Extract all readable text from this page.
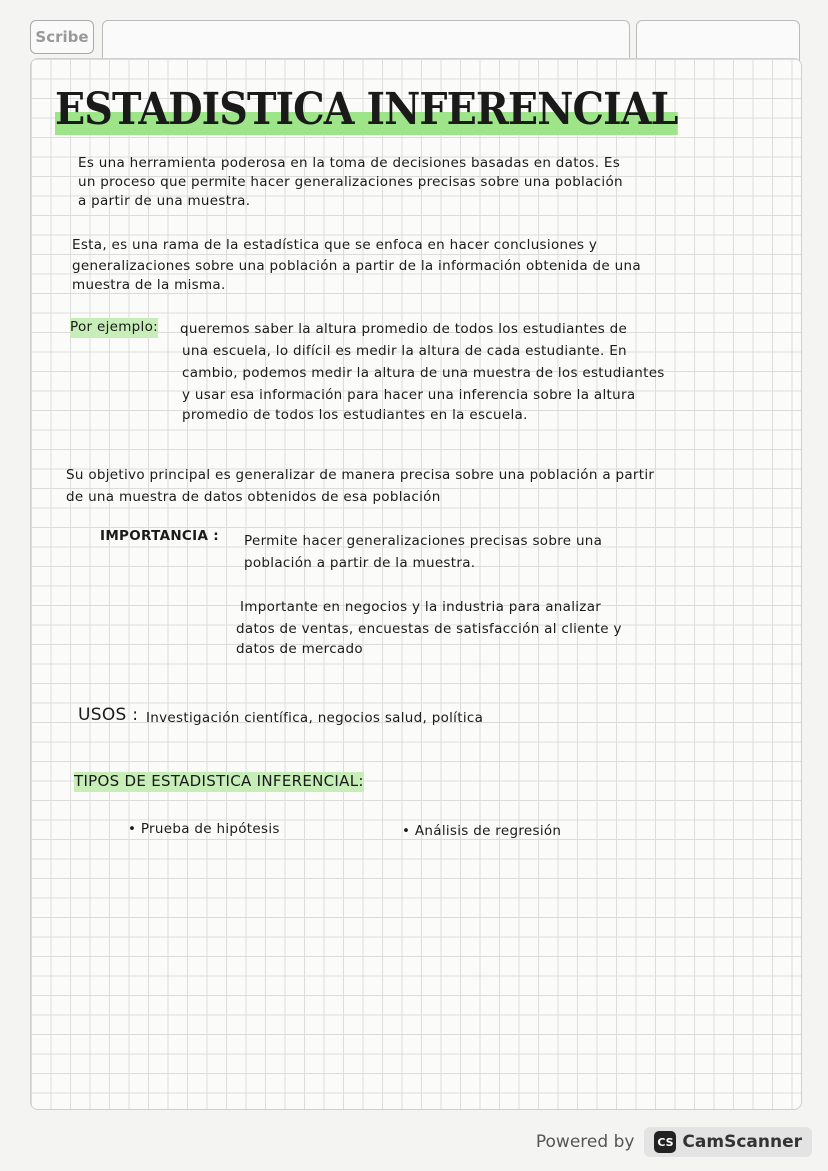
Scribe
ESTADISTICA INFERENCIAL
Es una herramienta poderosa en la toma de decisiones basadas en datos. Es
un proceso que permite hacer generalizaciones precisas sobre una población
a partir de una muestra.
Esta, es una rama de la estadística que se enfoca en hacer conclusiones y
generalizaciones sobre una población a partir de la información obtenida de una
muestra de la misma.
Por ejemplo: queremos saber la altura promedio de todos los estudiantes de
una escuela, lo difícil es medir la altura de cada estudiante. En
cambio, podemos medir la altura de una muestra de los estudiantes
y usar esa información para hacer una inferencia sobre la altura
promedio de todos los estudiantes en la escuela.
Su objetivo principal es generalizar de manera precisa sobre una población a partir
de una muestra de datos obtenidos de esa población
IMPORTANCIA : Permite hacer generalizaciones precisas sobre una
población a partir de la muestra.
Importante en negocios y la industria para analizar
datos de ventas, encuestas de satisfacción al cliente y
datos de mercado
USOS : Investigación científica, negocios salud, política
TIPOS DE ESTADISTICA INFERENCIAL:
• Prueba de hipótesis	• Análisis de regresión
Powered by CS CamScanner
